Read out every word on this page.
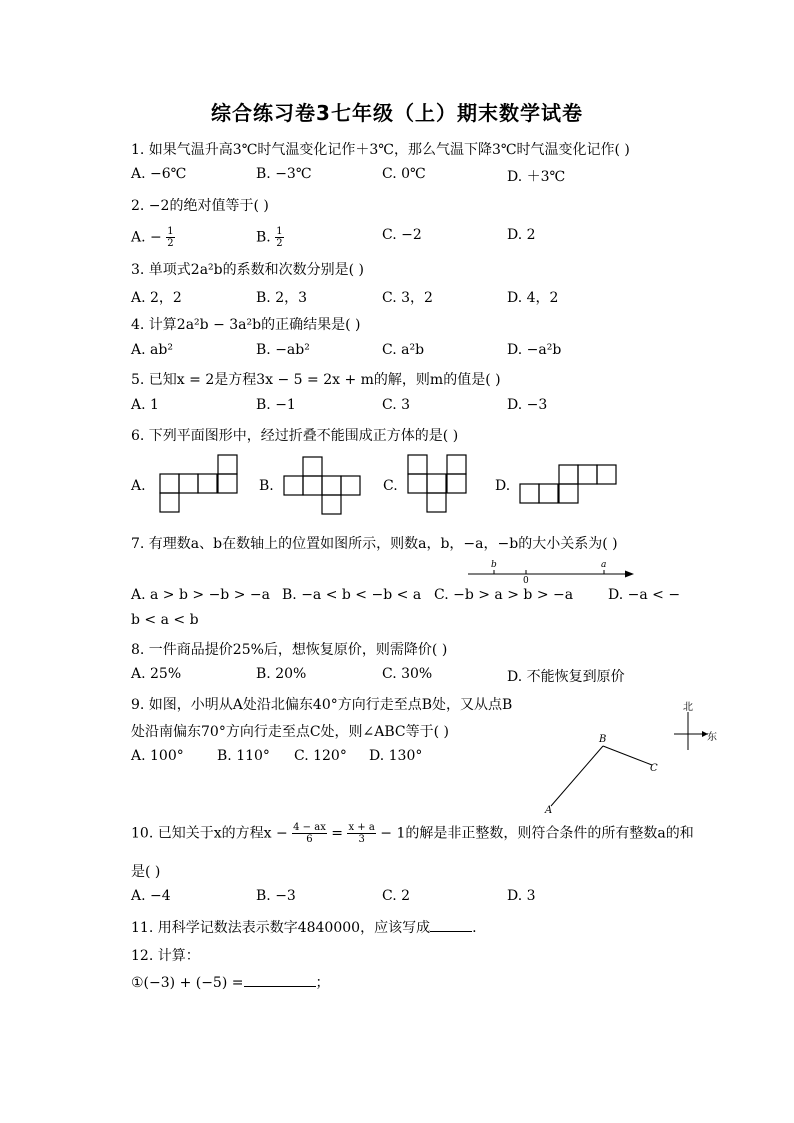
综合练习卷3七年级（上）期末数学试卷
1. 如果气温升高3℃时气温变化记作＋3℃，那么气温下降3℃时气温变化记作( )
A. −6℃	B. −3℃	C. 0℃	D. ＋3℃
2. −2的绝对值等于( )
A. − $\frac{1}{2}$	B. $\frac{1}{2}$	C. −2	D. 2
3. 单项式2a²b的系数和次数分别是( )
A. 2，2	B. 2，3	C. 3，2	D. 4，2
4. 计算2a²b − 3a²b的正确结果是( )
A. ab²	B. −ab²	C. a²b	D. −a²b
5. 已知x = 2是方程3x − 5 = 2x + m的解，则m的值是( )
A. 1	B. −1	C. 3	D. −3
6. 下列平面图形中，经过折叠不能围成正方体的是( )
A.	B.	C.	D.
7. 有理数a、b在数轴上的位置如图所示，则数a，b，−a，−b的大小关系为( )
b
0
a
A. a > b > −b > −a B. −a < b < −b < a C. −b > a > b > −a D. −a < −
b < a < b
8. 一件商品提价25%后，想恢复原价，则需降价( )
A. 25%	B. 20%	C. 30%	D. 不能恢复到原价
9. 如图，小明从A处沿北偏东40°方向行走至点B处，又从点B
处沿南偏东70°方向行走至点C处，则∠ABC等于( )
A. 100° B. 110° C. 120° D. 130°
北
东
B
C
A
10. 已知关于x的方程$x - \frac{4 - ax}{6} = \frac{x + a}{3} - 1$的解是非正整数，则符合条件的所有整数a的和
是( )
A. −4	B. −3	C. 2	D. 3
11. 用科学记数法表示数字4840000，应该写成	.
12. 计算：
①(−3) + (−5) =	；
